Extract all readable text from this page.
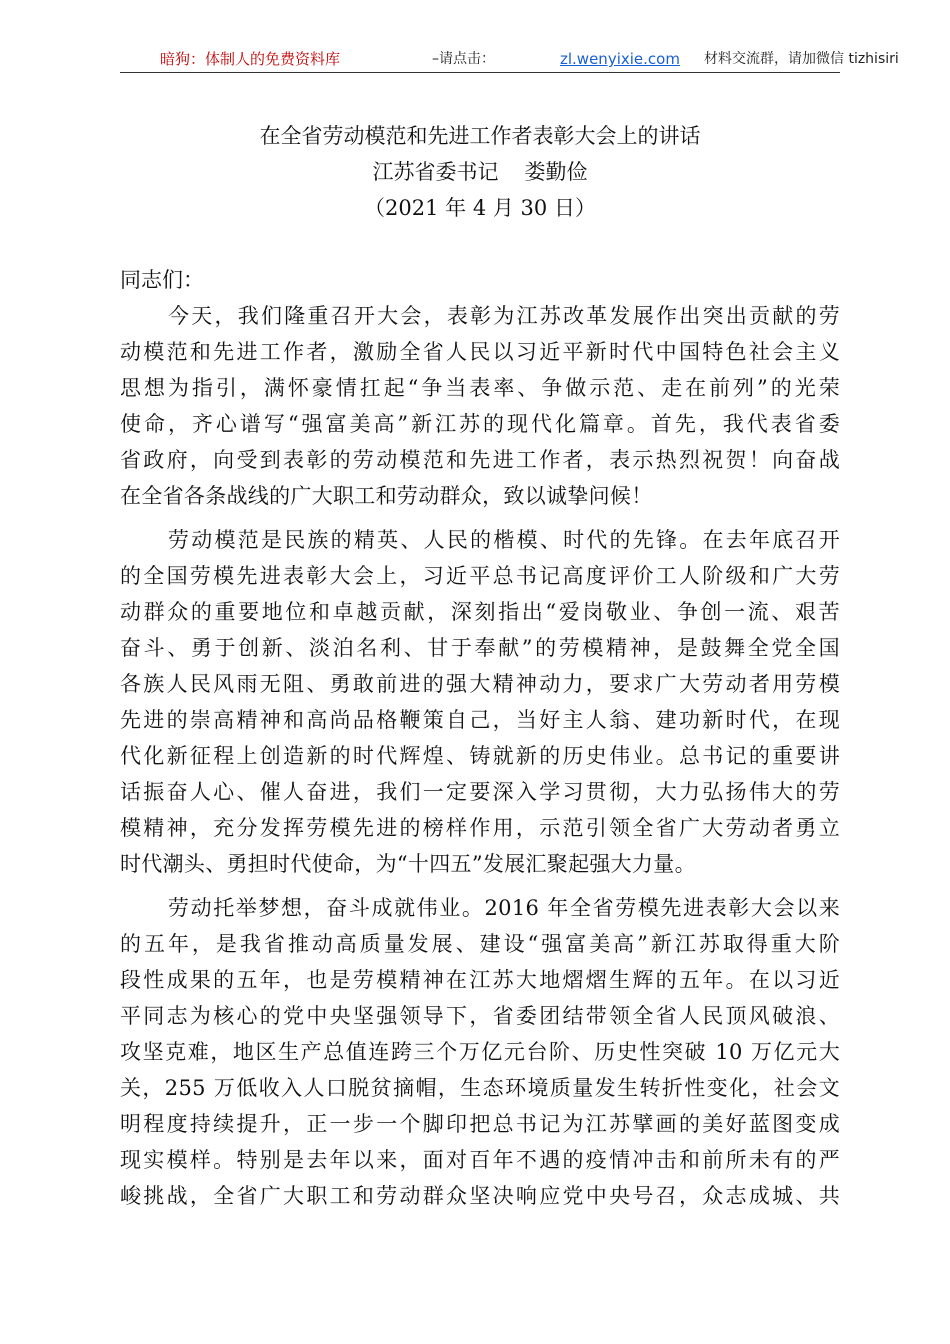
暗狗：体制人的免费资料库	–请点击：	zl.wenyixie.com 材料交流群，请加微信 tizhisiri
在全省劳动模范和先进工作者表彰大会上的讲话
江苏省委书记 娄勤俭
（2021 年 4 月 30 日）
同志们：
今天，我们隆重召开大会，表彰为江苏改革发展作出突出贡献的劳
动模范和先进工作者，激励全省人民以习近平新时代中国特色社会主义
思想为指引，满怀豪情扛起“争当表率、争做示范、走在前列”的光荣
使命，齐心谱写“强富美高”新江苏的现代化篇章。首先，我代表省委
省政府，向受到表彰的劳动模范和先进工作者，表示热烈祝贺！向奋战
在全省各条战线的广大职工和劳动群众，致以诚挚问候！
劳动模范是民族的精英、人民的楷模、时代的先锋。在去年底召开
的全国劳模先进表彰大会上，习近平总书记高度评价工人阶级和广大劳
动群众的重要地位和卓越贡献，深刻指出“爱岗敬业、争创一流、艰苦
奋斗、勇于创新、淡泊名利、甘于奉献”的劳模精神，是鼓舞全党全国
各族人民风雨无阻、勇敢前进的强大精神动力，要求广大劳动者用劳模
先进的崇高精神和高尚品格鞭策自己，当好主人翁、建功新时代，在现
代化新征程上创造新的时代辉煌、铸就新的历史伟业。总书记的重要讲
话振奋人心、催人奋进，我们一定要深入学习贯彻，大力弘扬伟大的劳
模精神，充分发挥劳模先进的榜样作用，示范引领全省广大劳动者勇立
时代潮头、勇担时代使命，为“十四五”发展汇聚起强大力量。
劳动托举梦想，奋斗成就伟业。2016 年全省劳模先进表彰大会以来
的五年，是我省推动高质量发展、建设“强富美高”新江苏取得重大阶
段性成果的五年，也是劳模精神在江苏大地熠熠生辉的五年。在以习近
平同志为核心的党中央坚强领导下，省委团结带领全省人民顶风破浪、
攻坚克难，地区生产总值连跨三个万亿元台阶、历史性突破 10 万亿元大
关，255 万低收入人口脱贫摘帽，生态环境质量发生转折性变化，社会文
明程度持续提升，正一步一个脚印把总书记为江苏擘画的美好蓝图变成
现实模样。特别是去年以来，面对百年不遇的疫情冲击和前所未有的严
峻挑战，全省广大职工和劳动群众坚决响应党中央号召，众志成城、共
